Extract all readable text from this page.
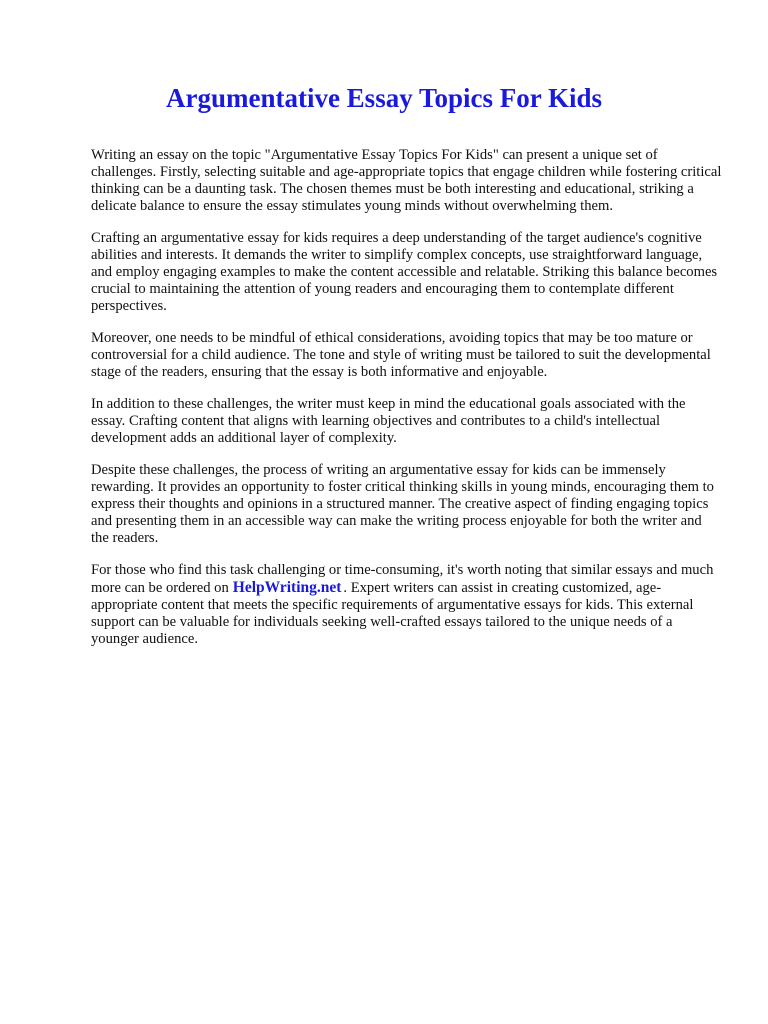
Argumentative Essay Topics For Kids

Writing an essay on the topic "Argumentative Essay Topics For Kids" can present a unique set of challenges. Firstly, selecting suitable and age-appropriate topics that engage children while fostering critical thinking can be a daunting task. The chosen themes must be both interesting and educational, striking a delicate balance to ensure the essay stimulates young minds without overwhelming them.

Crafting an argumentative essay for kids requires a deep understanding of the target audience's cognitive abilities and interests. It demands the writer to simplify complex concepts, use straightforward language, and employ engaging examples to make the content accessible and relatable. Striking this balance becomes crucial to maintaining the attention of young readers and encouraging them to contemplate different perspectives.

Moreover, one needs to be mindful of ethical considerations, avoiding topics that may be too mature or controversial for a child audience. The tone and style of writing must be tailored to suit the developmental stage of the readers, ensuring that the essay is both informative and enjoyable.

In addition to these challenges, the writer must keep in mind the educational goals associated with the essay. Crafting content that aligns with learning objectives and contributes to a child's intellectual development adds an additional layer of complexity.

Despite these challenges, the process of writing an argumentative essay for kids can be immensely rewarding. It provides an opportunity to foster critical thinking skills in young minds, encouraging them to express their thoughts and opinions in a structured manner. The creative aspect of finding engaging topics and presenting them in an accessible way can make the writing process enjoyable for both the writer and the readers.

For those who find this task challenging or time-consuming, it's worth noting that similar essays and much more can be ordered on HelpWriting.net . Expert writers can assist in creating customized, age-appropriate content that meets the specific requirements of argumentative essays for kids. This external support can be valuable for individuals seeking well-crafted essays tailored to the unique needs of a younger audience.
